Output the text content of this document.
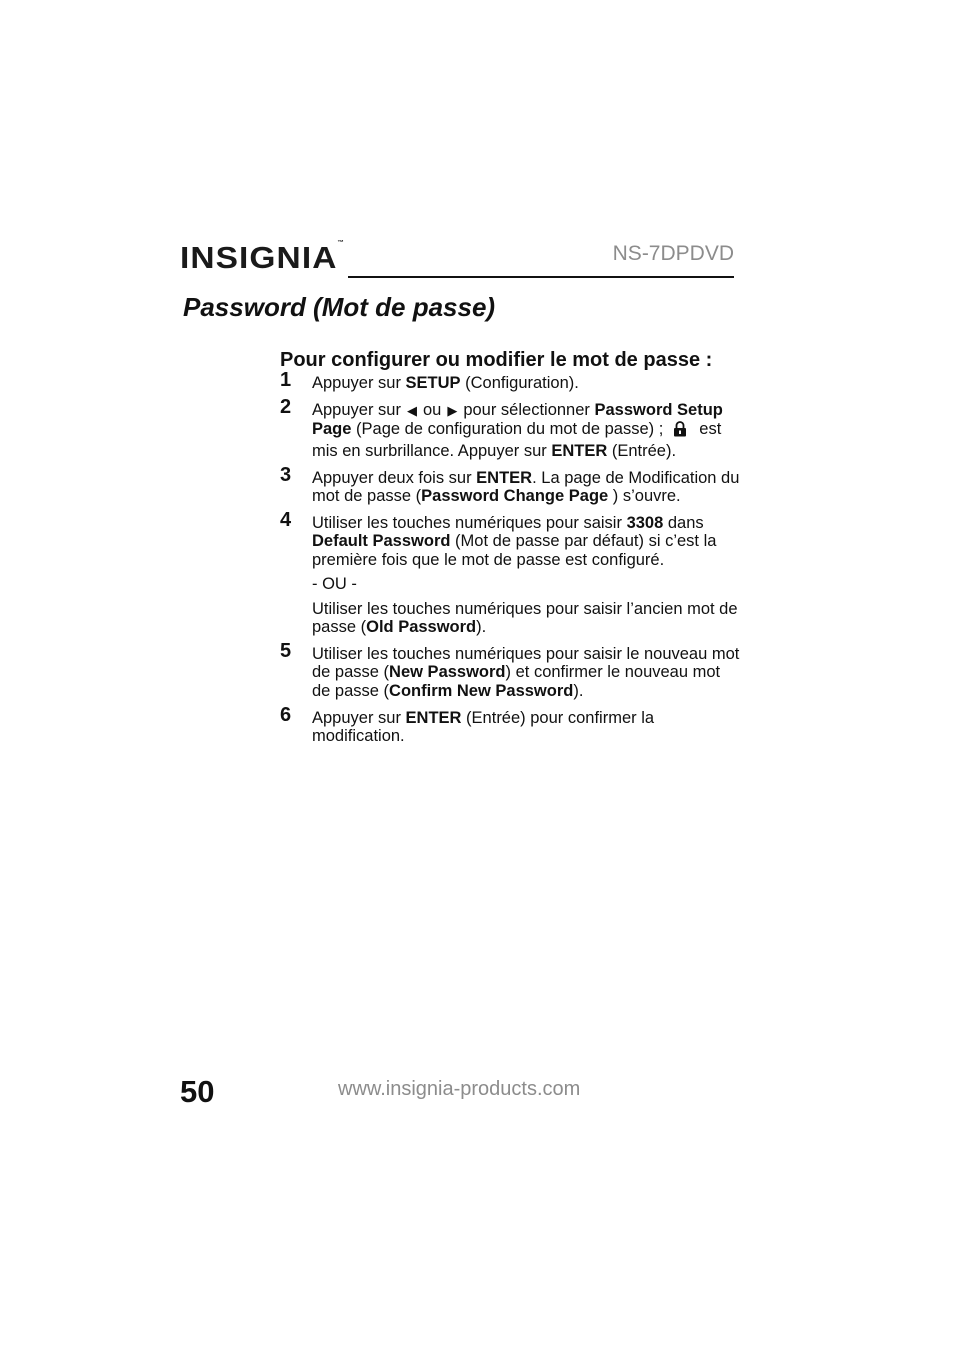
INSIGNIA™	NS-7DPDVD
Password (Mot de passe)
Pour configurer ou modifier le mot de passe :
1 Appuyer sur SETUP (Configuration).

2 Appuyer sur ◀ ou ▶ pour sélectionner Password Setup Page (Page de configuration du mot de passe) ; est mis en surbrillance. Appuyer sur ENTER (Entrée).

3 Appuyer deux fois sur ENTER. La page de Modification du mot de passe (Password Change Page ) s’ouvre.

4 Utiliser les touches numériques pour saisir 3308 dans Default Password (Mot de passe par défaut) si c’est la première fois que le mot de passe est configuré.

- OU -

Utiliser les touches numériques pour saisir l’ancien mot de passe (Old Password).

5 Utiliser les touches numériques pour saisir le nouveau mot de passe (New Password) et confirmer le nouveau mot de passe (Confirm New Password).

6 Appuyer sur ENTER (Entrée) pour confirmer la modification.

50	www.insignia-products.com
